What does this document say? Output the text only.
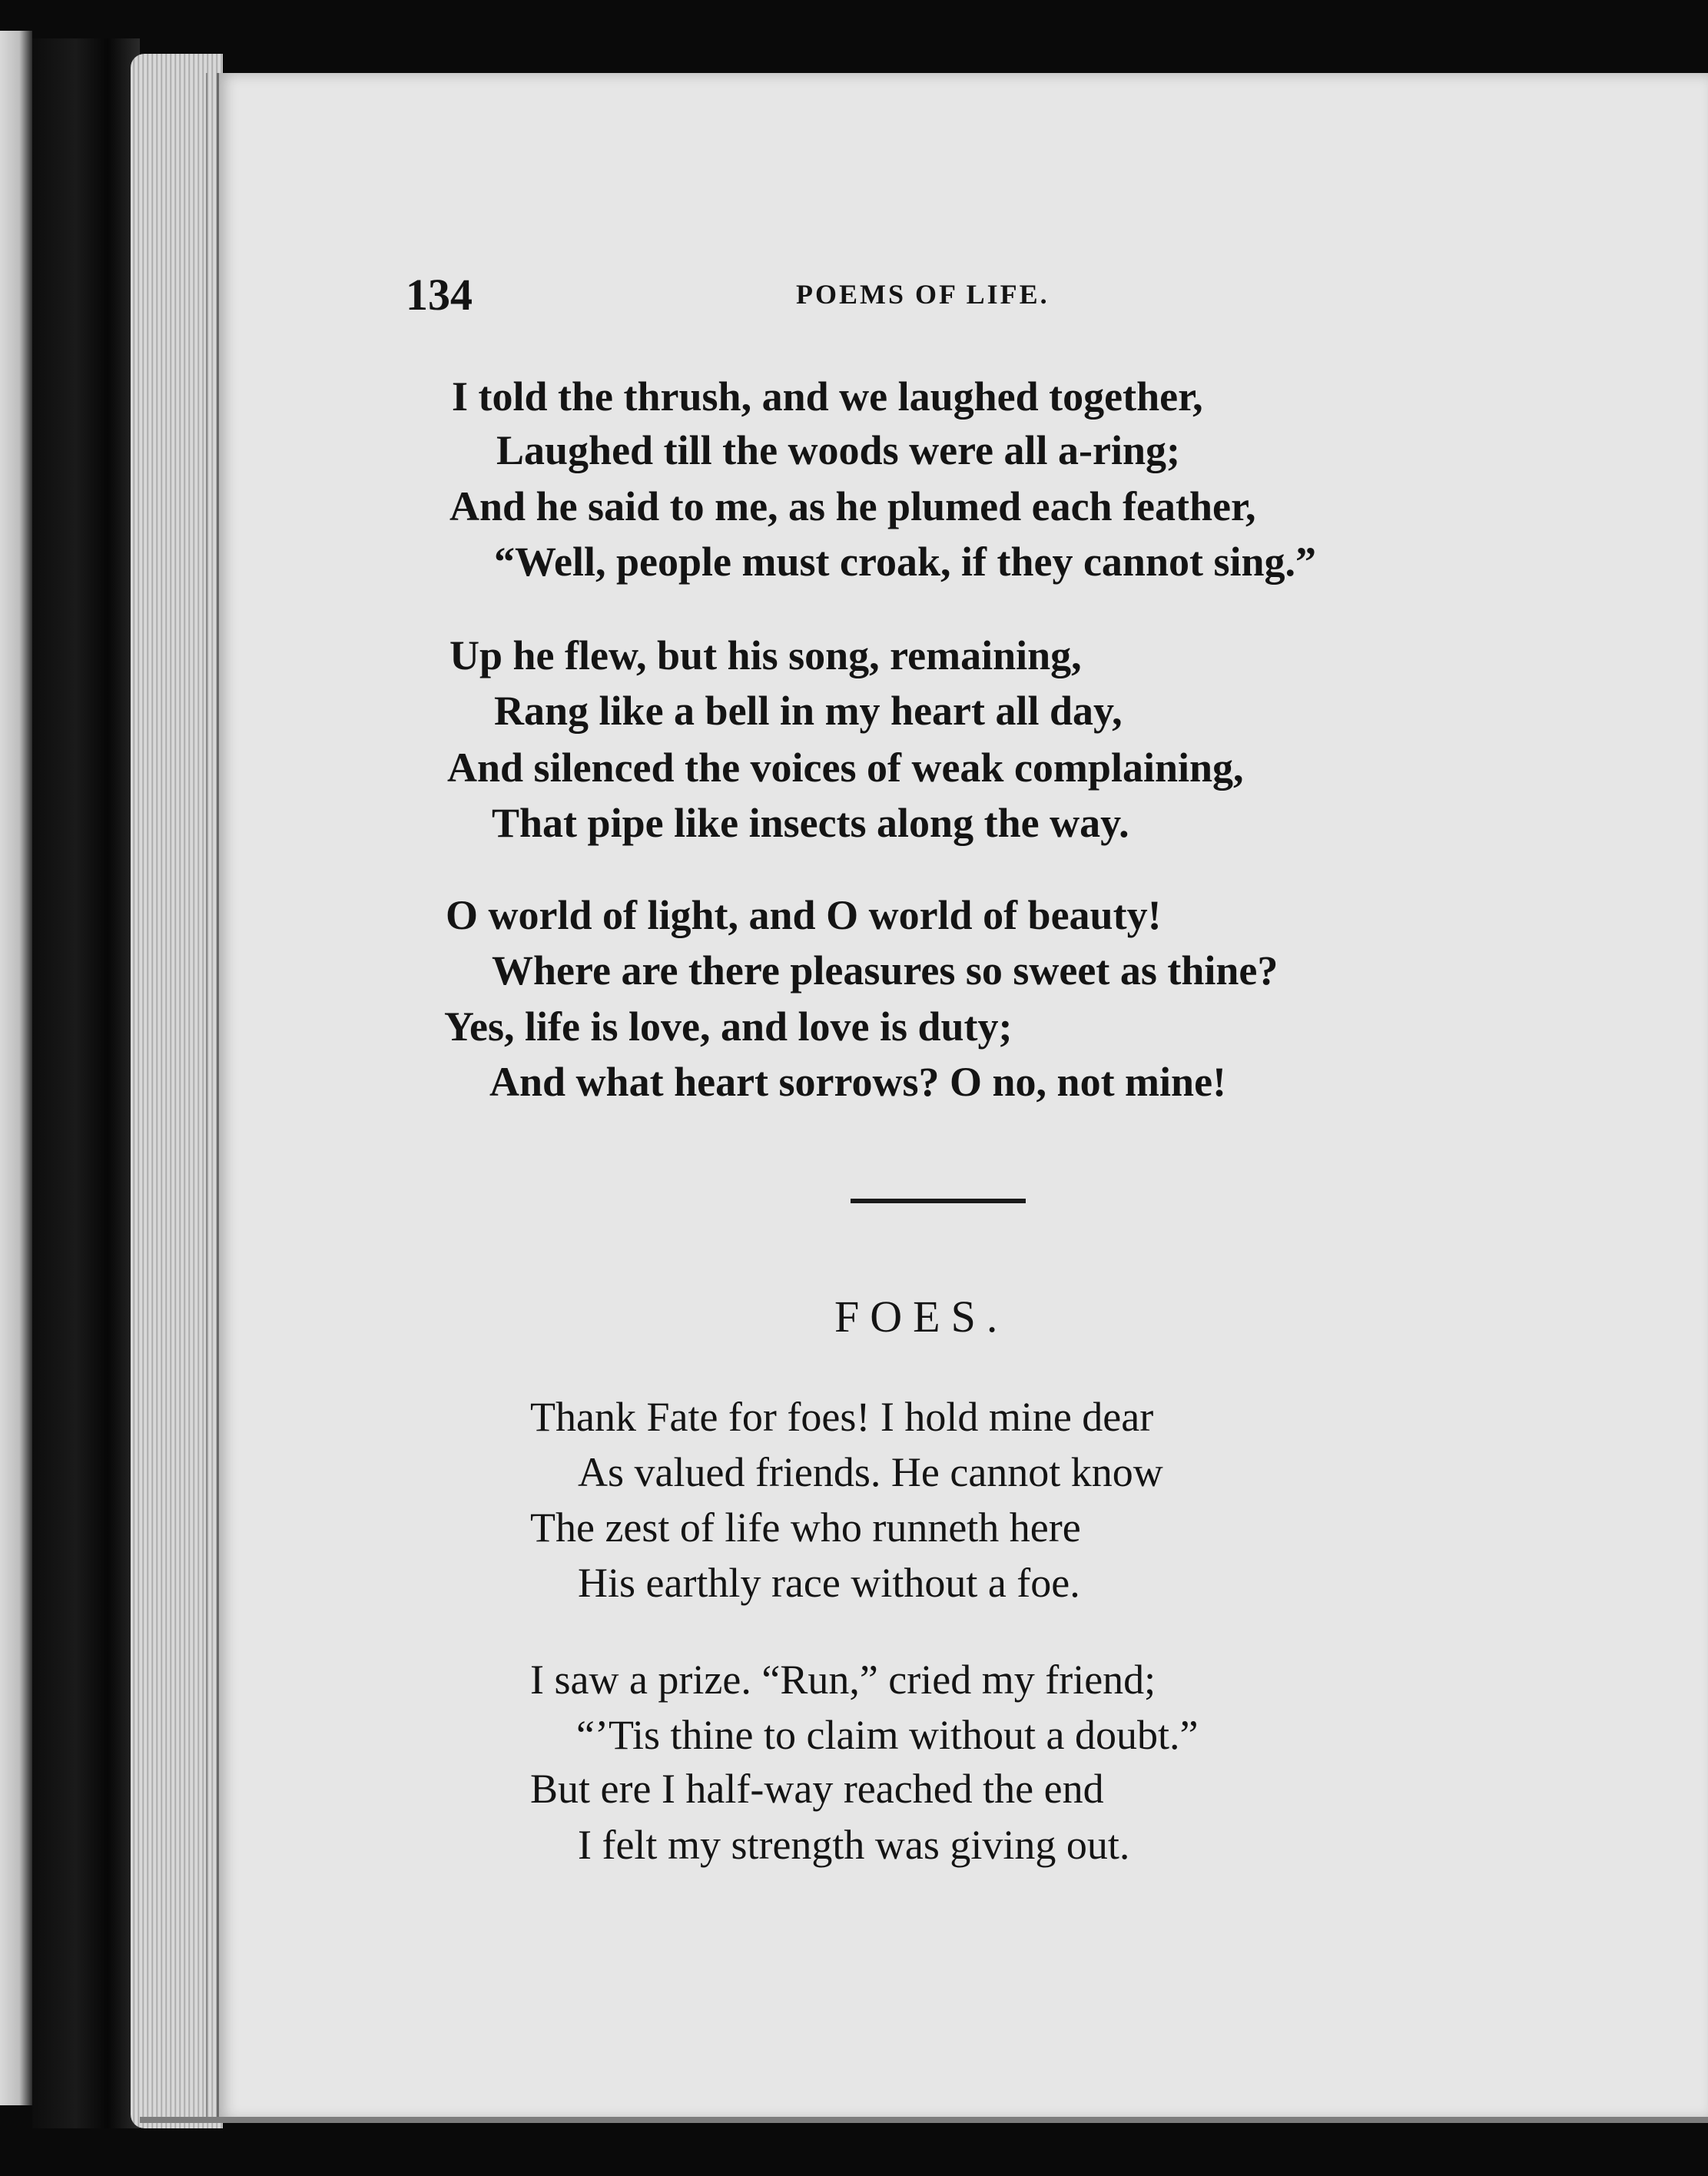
134	POEMS OF LIFE.
I told the thrush, and we laughed together,
Laughed till the woods were all a-ring;
And he said to me, as he plumed each feather,
“Well, people must croak, if they cannot sing.”
Up he flew, but his song, remaining,
Rang like a bell in my heart all day,
And silenced the voices of weak complaining,
That pipe like insects along the way.
O world of light, and O world of beauty!
Where are there pleasures so sweet as thine?
Yes, life is love, and love is duty;
And what heart sorrows? O no, not mine!
FOES.
Thank Fate for foes! I hold mine dear
As valued friends. He cannot know
The zest of life who runneth here
His earthly race without a foe.
I saw a prize. “Run,” cried my friend;
“’Tis thine to claim without a doubt.”
But ere I half-way reached the end
I felt my strength was giving out.
